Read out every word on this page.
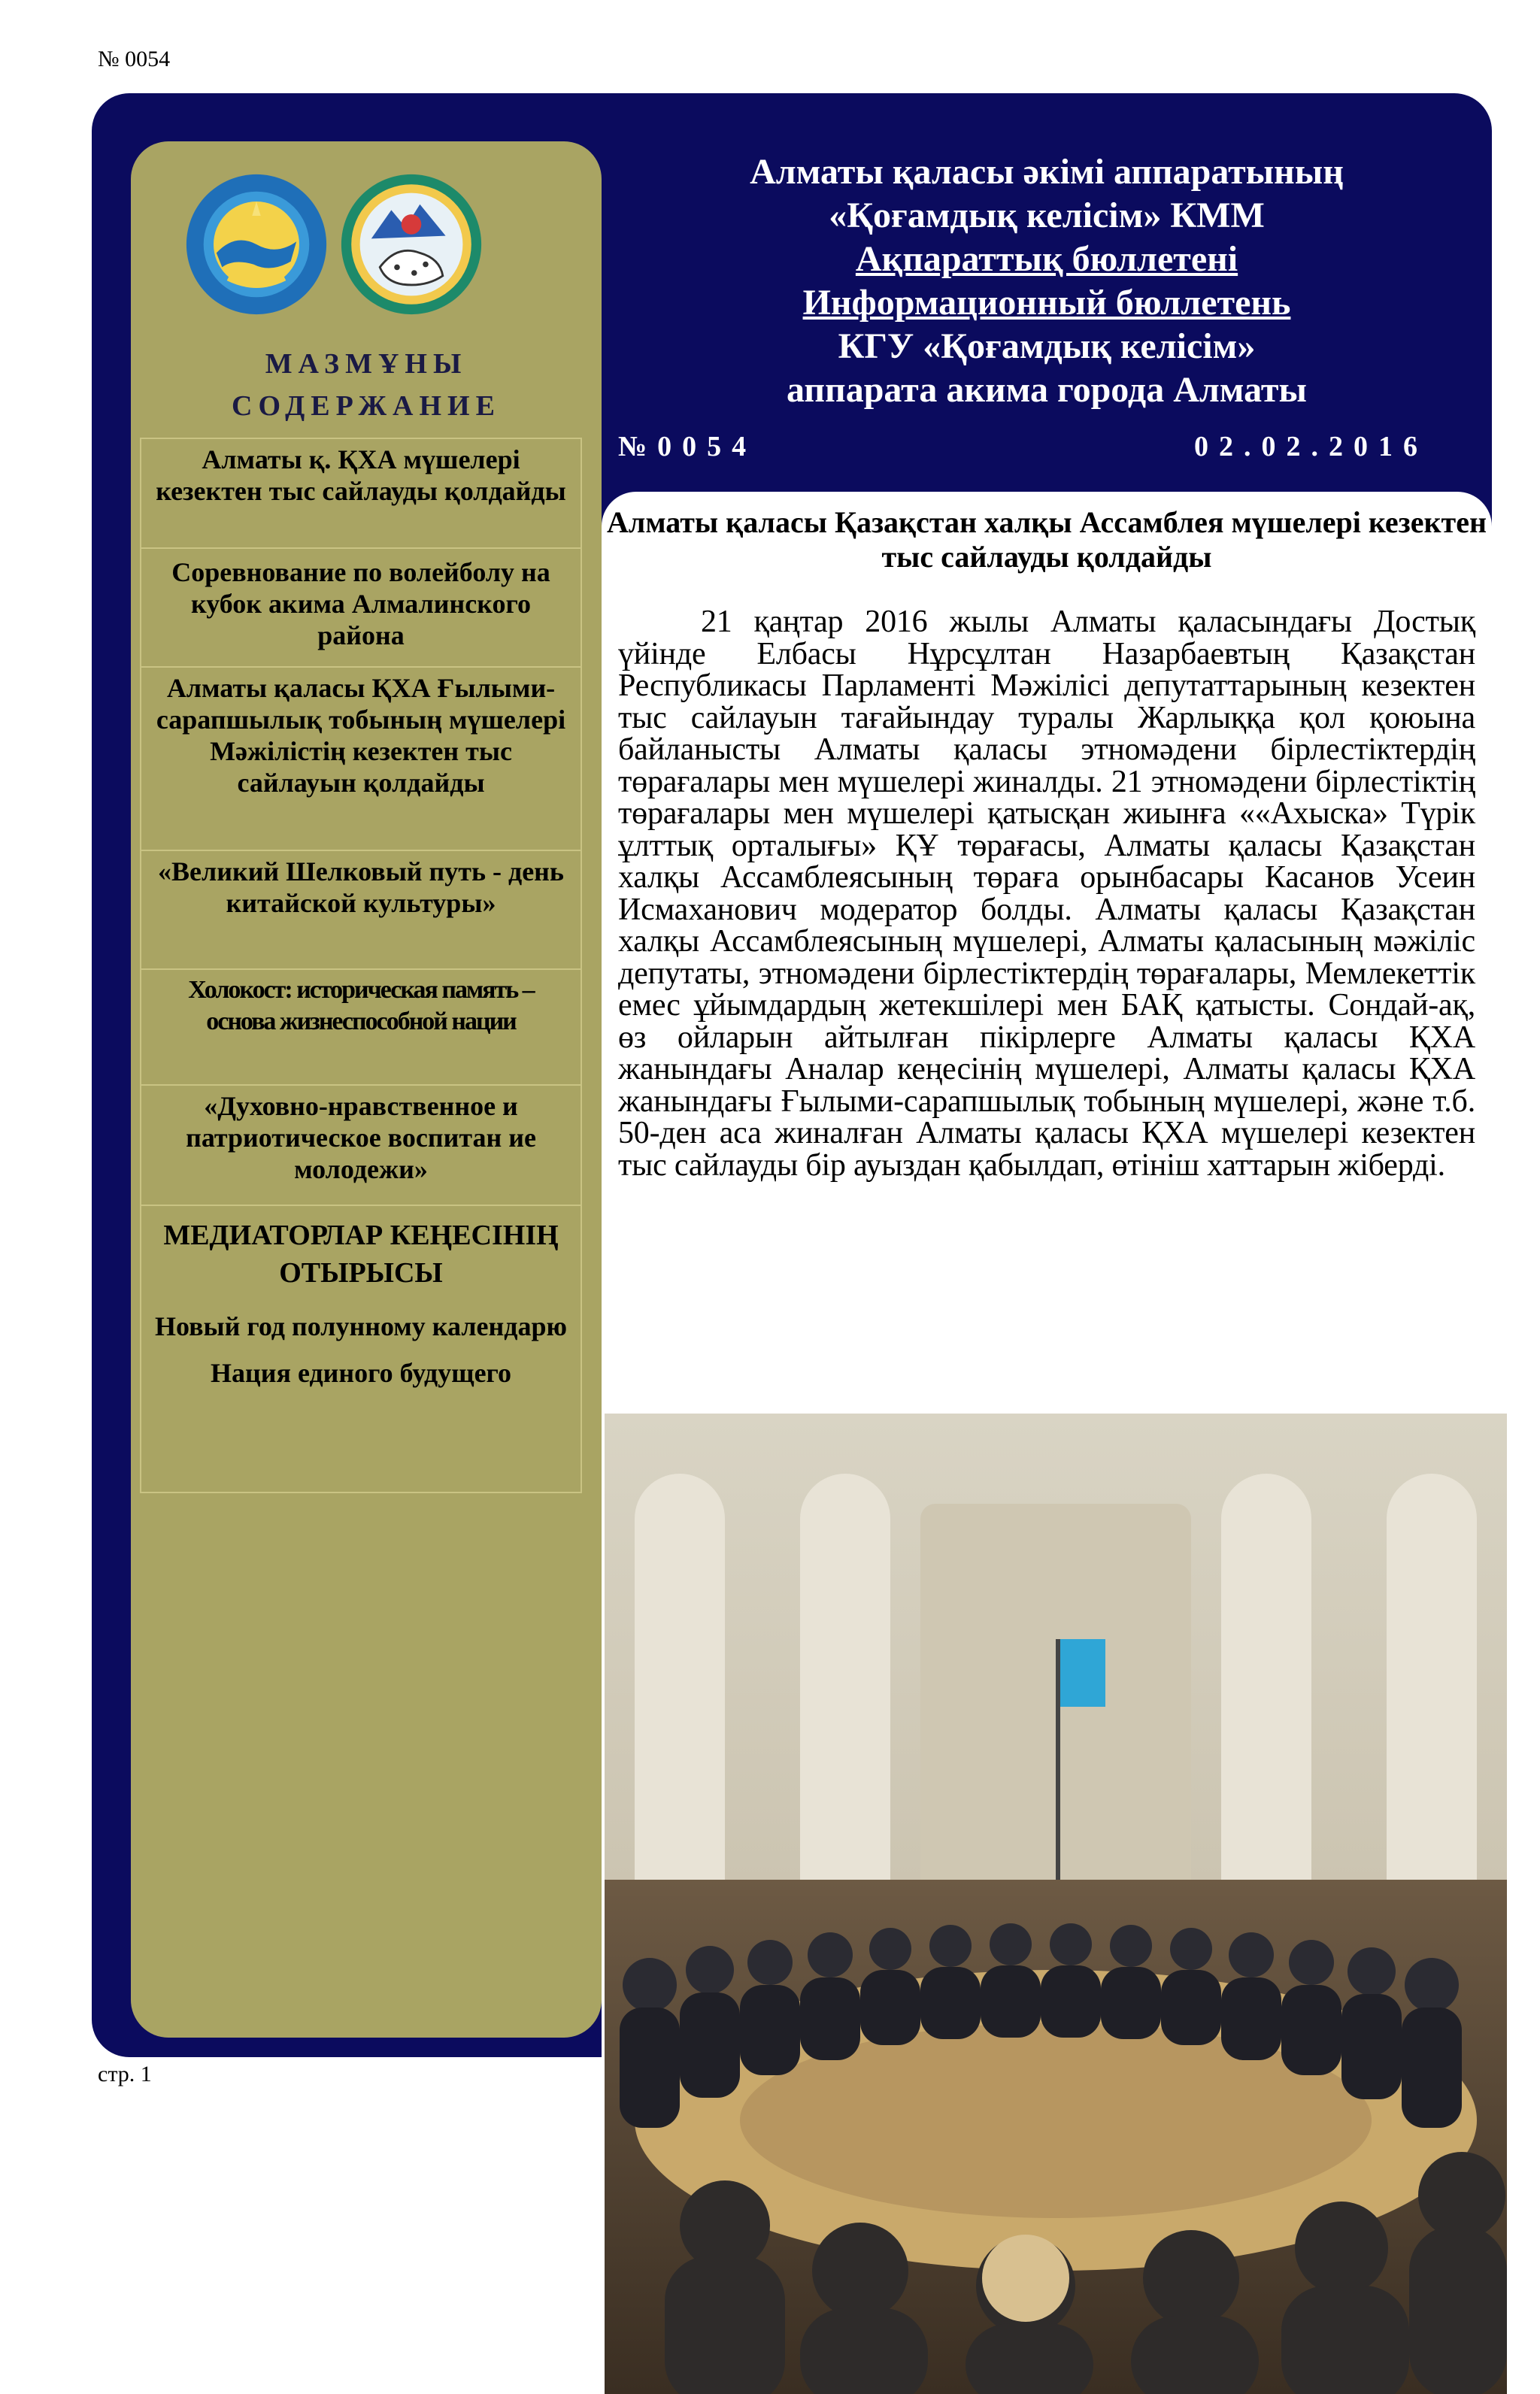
№ 0054
МАЗМҰНЫ
СОДЕРЖАНИЕ
Алматы қ. ҚХА мүшелері кезектен тыс сайлауды қолдайды
Соревнование по волейболу на кубок акима Алмалинского района
Алматы қаласы ҚХА Ғылыми-сарапшылық тобының мүшелері Мәжілістің кезектен тыс сайлауын қолдайды
«Великий Шелковый путь - день китайской культуры»
Холокост: историческая память – основа жизнеспособной нации
«Духовно-нравственное и патриотическое воспитан ие молодежи»
МЕДИАТОРЛАР КЕҢЕСІНІҢ ОТЫРЫСЫ
Новый год полунному календарю
Нация единого будущего
Алматы қаласы әкімі аппаратының
«Қоғамдық келісім» КММ
Ақпараттық бюллетені
Информационный бюллетень
КГУ «Қоғамдық келісім»
аппарата акима города Алматы
№0054	02.02.2016
Алматы қаласы Қазақстан халқы Ассамблея мүшелері кезектен тыс сайлауды қолдайды
21 қаңтар 2016 жылы Алматы қаласындағы Достық үйінде Елбасы Нұрсұлтан Назарбаевтың Қазақстан Республикасы Парламенті Мәжілісі депутаттарының кезектен тыс сайлауын тағайындау туралы Жарлыққа қол қоюына байланысты Алматы қаласы этномәдени бірлестіктердің төрағалары мен мүшелері жиналды. 21 этномәдени бірлестіктің төрағалары мен мүшелері қатысқан жиынға ««Ахыска» Түрік ұлттық орталығы» ҚҰ төрағасы, Алматы қаласы Қазақстан халқы Ассамблеясының төраға орынбасары Касанов Усеин Исмаханович модератор болды. Алматы қаласы Қазақстан халқы Ассамблеясының мүшелері, Алматы қаласының мәжіліс депутаты, этномәдени бірлестіктердің төрағалары, Мемлекеттік емес ұйымдардың жетекшілері мен БАҚ қатысты. Сондай-ақ, өз ойларын айтылған пікірлерге Алматы қаласы ҚХА жанындағы Аналар кеңесінің мүшелері, Алматы қаласы ҚХА жанындағы Ғылыми-сарапшылық тобының мүшелері, және т.б. 50-ден аса жиналған Алматы қаласы ҚХА мүшелері кезектен тыс сайлауды бір ауыздан қабылдап, өтініш хаттарын жіберді.
стр. 1
